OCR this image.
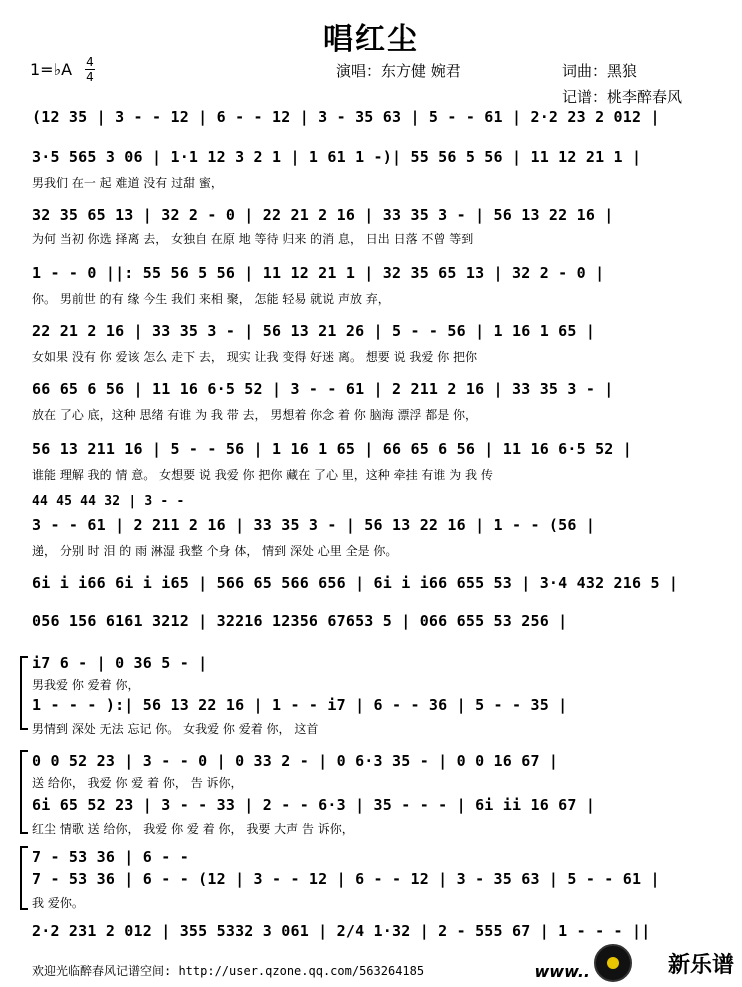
唱红尘
1=♭A 4
4	演唱：东方健 婉君	词曲：黑狼
记谱：桃李醉春风
(12 35 | 3 - - 12 | 6 - - 12 | 3 - 35 63 | 5 - - 61 | 2·2 23 2 012 |
3·5 565 3 06 | 1·1 12 3 2 1 | 1 61 1 -)| 55 56 5 56 | 11 12 21 1 |
男我们 在一 起 难道 没有 过甜 蜜，
32 35 65 13 | 32 2 - 0 | 22 21 2 16 | 33 35 3 - | 56 13 22 16 |
为何 当初 你选 择离 去， 女独自 在原 地 等待 归来 的消 息， 日出 日落 不曾 等到
1 - - 0 ||: 55 56 5 56 | 11 12 21 1 | 32 35 65 13 | 32 2 - 0 |
你。 男前世 的有 缘 今生 我们 来相 聚， 怎能 轻易 就说 声放 弃，
22 21 2 16 | 33 35 3 - | 56 13 21 26 | 5 - - 56 | 1 16 1 65 |
女如果 没有 你 爱该 怎么 走下 去， 现实 让我 变得 好迷 离。 想要 说 我爱 你 把你
66 65 6 56 | 11 16 6·5 52 | 3 - - 61 | 2 211 2 16 | 33 35 3 - |
放在 了心 底，这种 思绪 有谁 为 我 带 去， 男想着 你念 着 你 脑海 漂浮 都是 你，
56 13 211 16 | 5 - - 56 | 1 16 1 65 | 66 65 6 56 | 11 16 6·5 52 |
谁能 理解 我的 情 意。 女想要 说 我爱 你 把你 藏在 了心 里，这种 牵挂 有谁 为 我 传
44 45 44 32 | 3 - -
3 - - 61 | 2 211 2 16 | 33 35 3 - | 56 13 22 16 | 1 - - (56 |
递， 分别 时 泪 的 雨 淋湿 我整 个身 体， 情到 深处 心里 全是 你。
6i i i66 6i i i65 | 566 65 566 656 | 6i i i66 655 53 | 3·4 432 216 5 |
056 156 6161 3212 | 32216 12356 67653 5 | 066 655 53 256 |
i7 6 - | 0 36 5 - |
男我爱 你 爱着 你，
1 - - - ):| 56 13 22 16 | 1 - - i7 | 6 - - 36 | 5 - - 35 |
男情到 深处 无法 忘记 你。 女我爱 你 爱着 你， 这首
0 0 52 23 | 3 - - 0 | 0 33 2 - | 0 6·3 35 - | 0 0 16 67 |
送 给你， 我爱 你 爱 着 你， 告 诉你，
6i 65 52 23 | 3 - - 33 | 2 - - 6·3 | 35 - - - | 6i ii 16 67 |
红尘 情歌 送 给你， 我爱 你 爱 着 你， 我要 大声 告 诉你，
7 - 53 36 | 6 - -
7 - 53 36 | 6 - - (12 | 3 - - 12 | 6 - - 12 | 3 - 35 63 | 5 - - 61 |
我 爱你。
2·2 231 2 012 | 355 5332 3 061 | 2/4 1·32 | 2 - 555 67 | 1 - - - ||
欢迎光临醉春风记谱空间: http://user.qzone.qq.com/563264185	www..	新乐谱
